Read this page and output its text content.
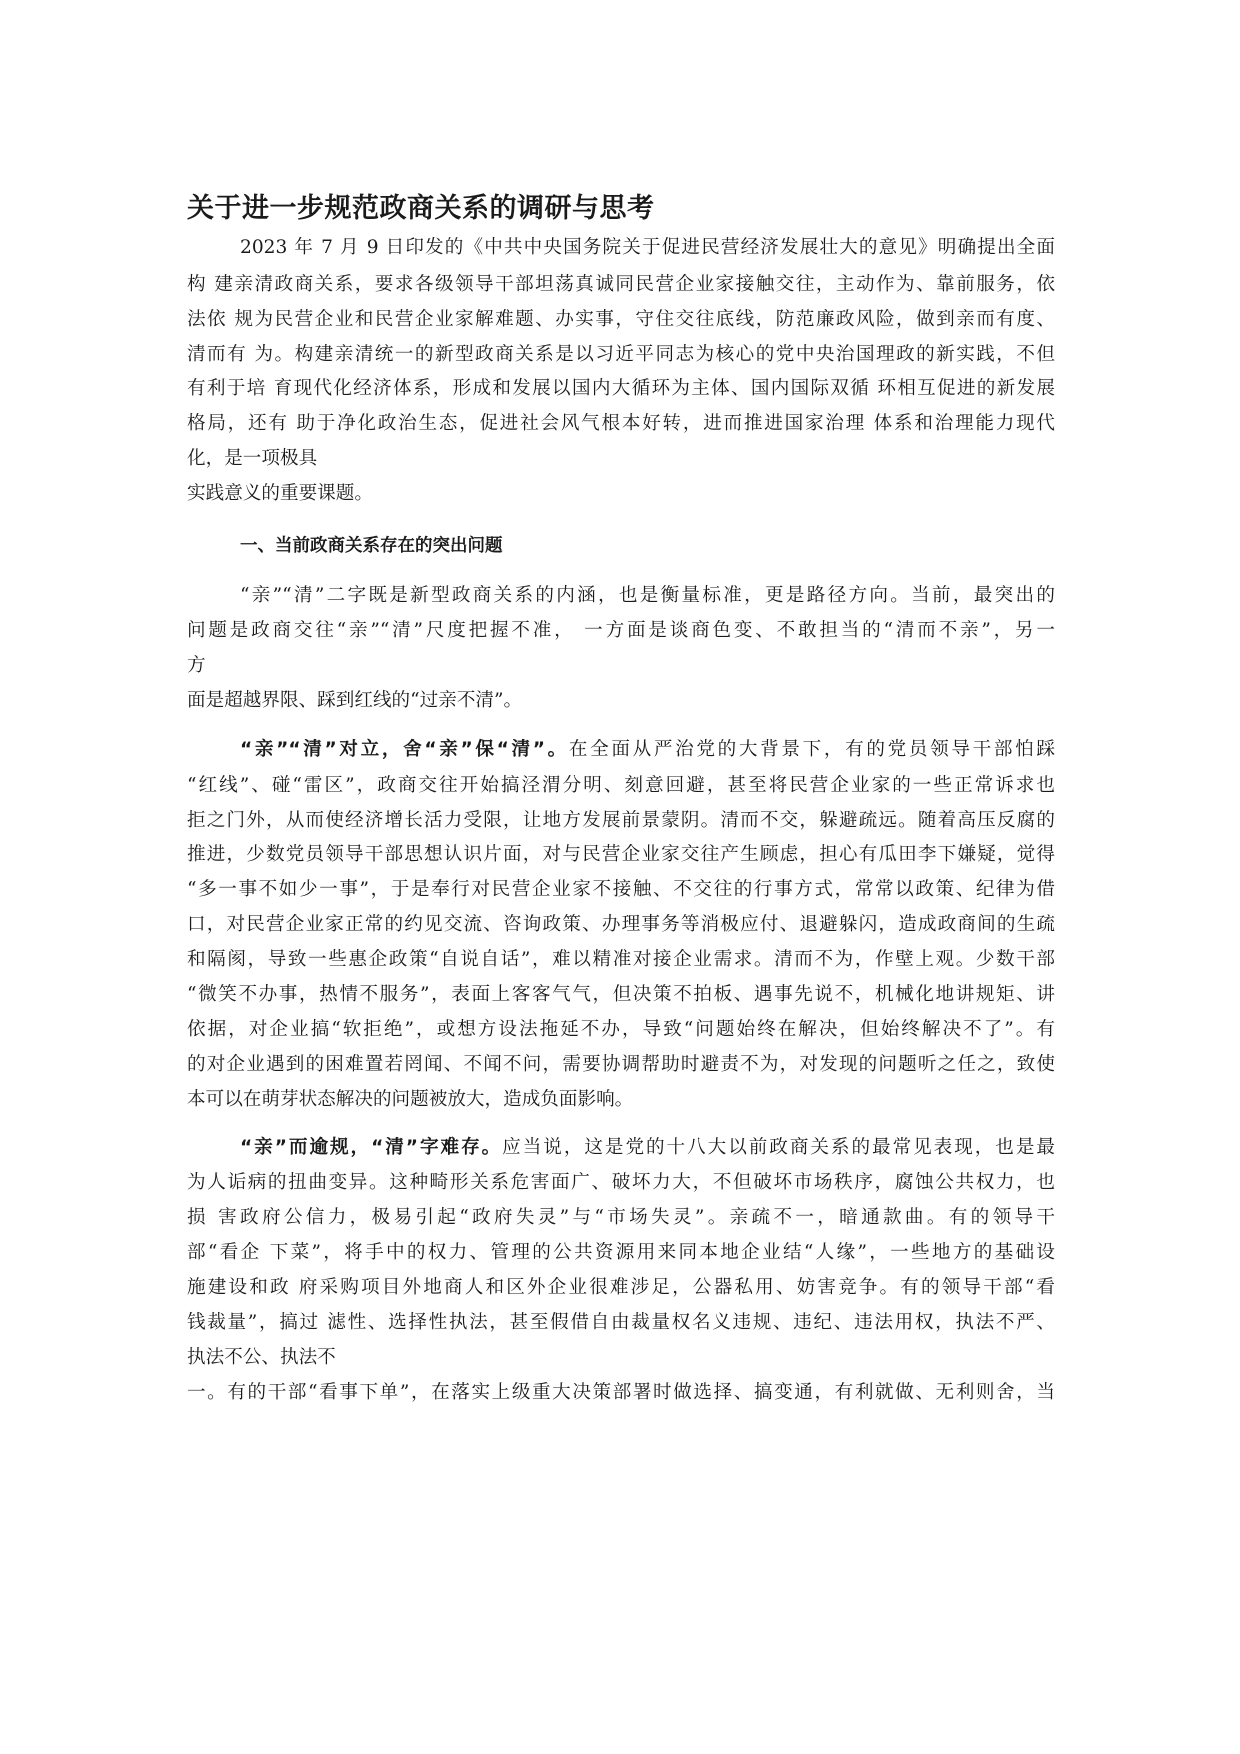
关于进一步规范政商关系的调研与思考
2023 年 7 月 9 日印发的《中共中央国务院关于促进民营经济发展壮大的意见》明确提出全面
构 建亲清政商关系，要求各级领导干部坦荡真诚同民营企业家接触交往，主动作为、靠前服务，依
法依 规为民营企业和民营企业家解难题、办实事，守住交往底线，防范廉政风险，做到亲而有度、
清而有 为。构建亲清统一的新型政商关系是以习近平同志为核心的党中央治国理政的新实践，不但
有利于培 育现代化经济体系，形成和发展以国内大循环为主体、国内国际双循 环相互促进的新发展
格局，还有 助于净化政治生态，促进社会风气根本好转，进而推进国家治理 体系和治理能力现代
化，是一项极具
实践意义的重要课题。
一、当前政商关系存在的突出问题
“亲”“清”二字既是新型政商关系的内涵，也是衡量标准，更是路径方向。当前，最突出的
问题是政商交往“亲”“清”尺度把握不准， 一方面是谈商色变、不敢担当的“清而不亲”，另一
方
面是超越界限、踩到红线的“过亲不清”。
“亲”“清”对立，舍“亲”保“清”。在全面从严治党的大背景下，有的党员领导干部怕踩
“红线”、碰“雷区”，政商交往开始搞泾渭分明、刻意回避，甚至将民营企业家的一些正常诉求也
拒之门外，从而使经济增长活力受限，让地方发展前景蒙阴。清而不交，躲避疏远。随着高压反腐的
推进，少数党员领导干部思想认识片面，对与民营企业家交往产生顾虑，担心有瓜田李下嫌疑，觉得
“多一事不如少一事”，于是奉行对民营企业家不接触、不交往的行事方式，常常以政策、纪律为借
口，对民营企业家正常的约见交流、咨询政策、办理事务等消极应付、退避躲闪，造成政商间的生疏
和隔阂，导致一些惠企政策“自说自话”，难以精准对接企业需求。清而不为，作壁上观。少数干部
“微笑不办事，热情不服务”，表面上客客气气，但决策不拍板、遇事先说不，机械化地讲规矩、讲
依据，对企业搞“软拒绝”，或想方设法拖延不办，导致“问题始终在解决，但始终解决不了”。有
的对企业遇到的困难置若罔闻、不闻不问，需要协调帮助时避责不为，对发现的问题听之任之，致使
本可以在萌芽状态解决的问题被放大，造成负面影响。
“亲”而逾规，“清”字难存。应当说，这是党的十八大以前政商关系的最常见表现，也是最
为人诟病的扭曲变异。这种畸形关系危害面广、破坏力大，不但破坏市场秩序，腐蚀公共权力，也
损 害政府公信力，极易引起“政府失灵”与“市场失灵”。亲疏不一，暗通款曲。有的领导干
部“看企 下菜”，将手中的权力、管理的公共资源用来同本地企业结“人缘”，一些地方的基础设
施建设和政 府采购项目外地商人和区外企业很难涉足，公器私用、妨害竞争。有的领导干部“看
钱裁量”，搞过 滤性、选择性执法，甚至假借自由裁量权名义违规、违纪、违法用权，执法不严、
执法不公、执法不
一。有的干部“看事下单”，在落实上级重大决策部署时做选择、搞变通，有利就做、无利则舍，当
